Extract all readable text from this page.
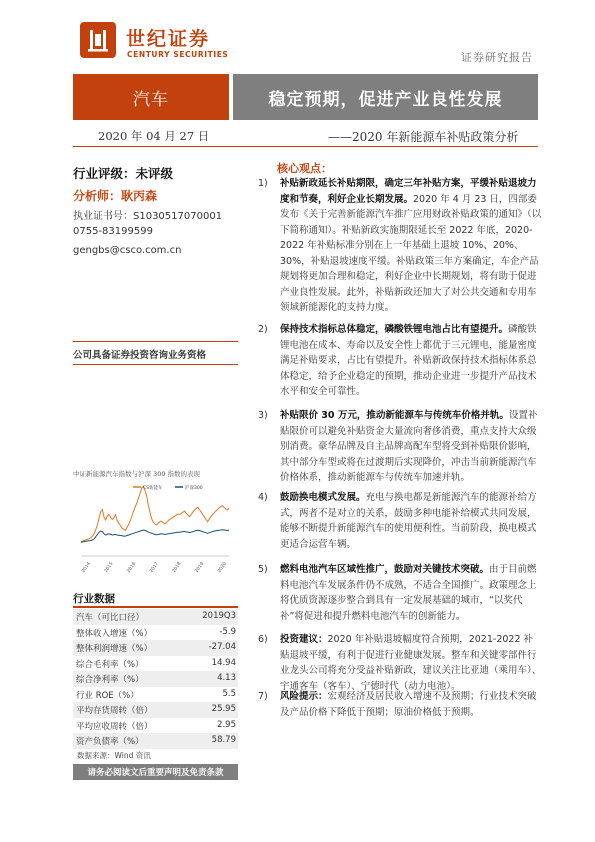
世纪证券
CENTURY SECURITIES	证券研究报告
汽车	稳定预期，促进产业良性发展
2020 年 04 月 27 日	——2020 年新能源车补贴政策分析
行业评级：未评级
分析师：耿丙森
执业证书号：S1030517070001
0755-83199599
gengbs@csco.com.cn
公司具备证券投资咨询业务资格
中证新能源汽车指数与沪深 300 指数的表现
CS新能车	沪深300
2014	2015	2016	2017	2018	2019	2020
行业数据
汽车（可比口径）	2019Q3
整体收入增速（%）	-5.9
整体利润增速（%）	-27.04
综合毛利率（%）	14.94
综合净利率（%）	4.13
行业 ROE（%）	5.5
平均存货周转（倍）	25.95
平均应收周转（倍）	2.95
资产负债率（%）	58.79
数据来源：Wind 资讯
请务必阅读文后重要声明及免责条款
核心观点：
1) 补贴新政延长补贴期限，确定三年补贴方案，平缓补贴退坡力度和节奏，利好企业长期发展。2020 年 4 月 23 日，四部委发布《关于完善新能源汽车推广应用财政补贴政策的通知》（以下简称通知）。补贴新政实施期限延长至 2022 年底，2020-2022 年补贴标准分别在上一年基础上退坡 10%、20%、30%，补贴退坡速度平缓。补贴政策三年方案确定，车企产品规划将更加合理和稳定，利好企业中长期规划，将有助于促进产业良性发展。此外，补贴新政还加大了对公共交通和专用车领域新能源化的支持力度。
2) 保持技术指标总体稳定，磷酸铁锂电池占比有望提升。磷酸铁锂电池在成本、寿命以及安全性上都优于三元锂电，能量密度满足补贴要求，占比有望提升。补贴新政保持技术指标体系总体稳定，给予企业稳定的预期，推动企业进一步提升产品技术水平和安全可靠性。
3) 补贴限价 30 万元，推动新能源车与传统车价格并轨。设置补贴限价可以避免补贴资金大量流向奢侈消费，重点支持大众级别消费。豪华品牌及自主品牌高配车型将受到补贴限价影响，其中部分车型或将在过渡期后实现降价，冲击当前新能源汽车价格体系，推动新能源车与传统车加速并轨。
4) 鼓励换电模式发展。充电与换电都是新能源汽车的能源补给方式，两者不是对立的关系，鼓励多种电能补给模式共同发展，能够不断提升新能源汽车的使用便利性。当前阶段，换电模式更适合运营车辆。
5) 燃料电池汽车区域性推广，鼓励对关键技术突破。由于目前燃料电池汽车发展条件仍不成熟，不适合全国推广。政策理念上将优质资源逐步整合到具有一定发展基础的城市，“以奖代补”将促进和提升燃料电池汽车的创新能力。
6) 投资建议：2020 年补贴退坡幅度符合预期，2021-2022 补贴退坡平缓，有利于促进行业健康发展。整车和关键零部件行业龙头公司将充分受益补贴新政，建议关注比亚迪（乘用车）、宇通客车（客车）、宁德时代（动力电池）。
7) 风险提示：宏观经济及居民收入增速不及预期；行业技术突破及产品价格下降低于预期；原油价格低于预期。
